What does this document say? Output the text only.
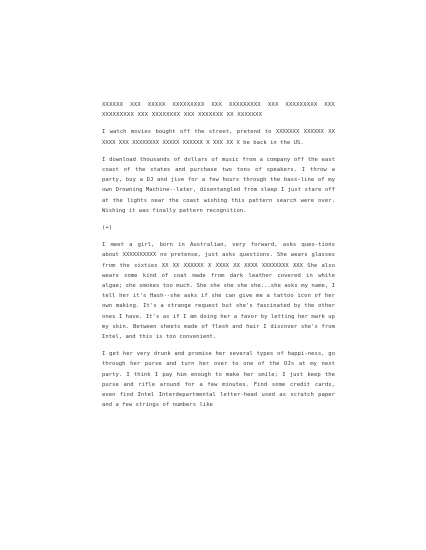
XXXXXX XXX XXXXX XXXXXXXXX XXX XXXXXXXXX XXX XXXXXXXXX XXX XXXXXXXXX XXX XXXXXXXX XXX XXXXXXX XX XXXXXXX

I watch movies bought off the street, pretend to XXXXXXX XXXXXX XX XXXX XXX XXXXXXXX XXXXX XXXXXX X XXX XX X be back in the US.

I download thousands of dollars of music from a company off the east coast of the states and purchase two tons of speakers. I throw a party, buy a DJ and jive for a few hours through the bass-line of my own Drowning Machine--later, disentangled from sleep I just stare off at the lights near the coast wishing this pattern search were over. Wishing it was finally pattern recognition.

(+)

I meet a girl, born in Australian, very forward, asks ques-tions about XXXXXXXXXX no pretense, just asks questions. She wears glasses from the sixties XX XX XXXXXX X XXXX XX XXXX XXXXXXXX XXX She also wears some kind of coat made from dark leather covered in white algae; she smokes too much. She she she she she...she asks my name, I tell her it's Hash--she asks if she can give me a tattoo icon of her own making. It's a strange request but she's fascinated by the other ones I have. It's as if I am doing her a favor by letting her mark up my skin. Between sheets made of flesh and hair I discover she's from Intel, and this is too convenient.

I get her very drunk and promise her several types of happi-ness, go through her purse and turn her over to one of the DJs at my next party. I think I pay him enough to make her smile; I just keep the purse and rifle around for a few minutes. Find some credit cards, even find Intel Interdepartmental letter-head used as scratch paper and a few strings of numbers like
